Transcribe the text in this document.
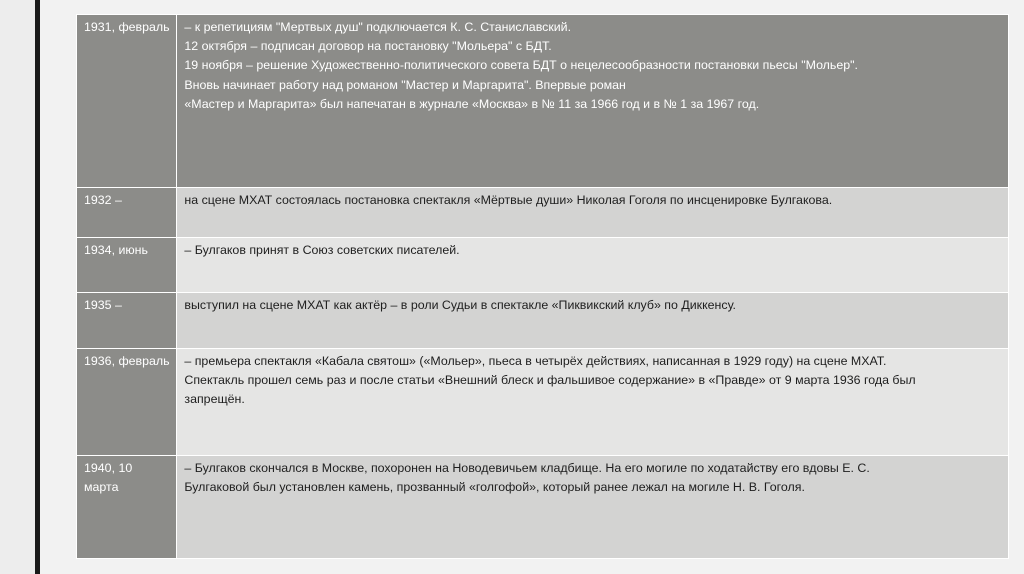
1931, февраль	– к репетициям "Мертвых душ" подключается К. С. Станиславский.
12 октября – подписан договор на постановку "Мольера" с БДТ.
19 ноября – решение Художественно-политического совета БДТ о нецелесообразности постановки пьесы "Мольер".
Вновь начинает работу над романом "Мастер и Маргарита". Впервые роман
«Мастер и Маргарита» был напечатан в журнале «Москва» в № 11 за 1966 год и в № 1 за 1967 год.

1932 –	на сцене МХАТ состоялась постановка спектакля «Мёртвые души» Николая Гоголя по инсценировке Булгакова.

1934, июнь	– Булгаков принят в Союз советских писателей.

1935 –	выступил на сцене МХАТ как актёр – в роли Судьи в спектакле «Пиквикский клуб» по Диккенсу.

1936, февраль	– премьера спектакля «Кабала святош» («Мольер», пьеса в четырёх действиях, написанная в 1929 году) на сцене МХАТ.
Спектакль прошел семь раз и после статьи «Внешний блеск и фальшивое содержание» в «Правде» от 9 марта 1936 года был
запрещён.

1940, 10
марта	– Булгаков скончался в Москве, похоронен на Новодевичьем кладбище. На его могиле по ходатайству его вдовы Е. С.
Булгаковой был установлен камень, прозванный «голгофой», который ранее лежал на могиле Н. В. Гоголя.
